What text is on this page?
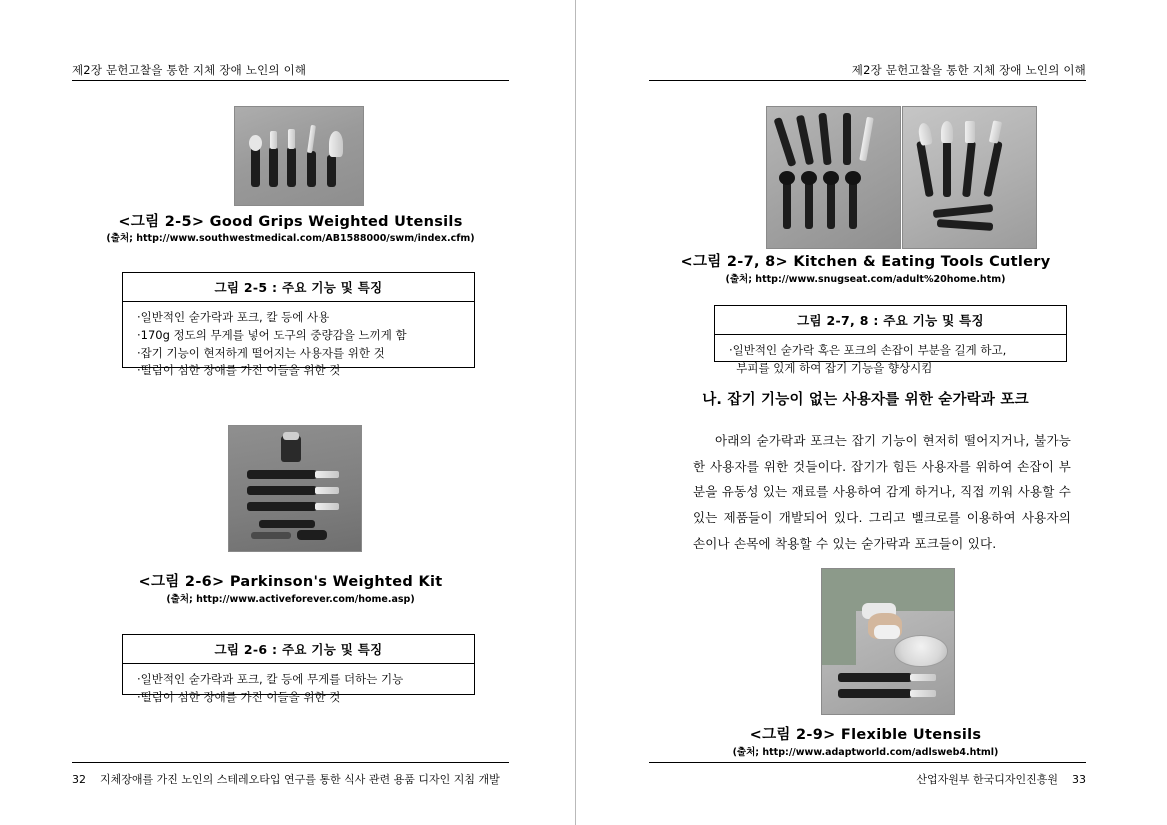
제2장 문헌고찰을 통한 지체 장애 노인의 이해
<그림 2-5> Good Grips Weighted Utensils
(출처; http://www.southwestmedical.com/AB1588000/swm/index.cfm)
그림 2-5 : 주요 기능 및 특징
·일반적인 숟가락과 포크, 칼 등에 사용
·170g 정도의 무게를 넣어 도구의 중량감을 느끼게 함
·잡기 기능이 현저하게 떨어지는 사용자를 위한 것
·떨림이 심한 장애를 가진 이들을 위한 것
<그림 2-6> Parkinson's Weighted Kit
(출처; http://www.activeforever.com/home.asp)
그림 2-6 : 주요 기능 및 특징
·일반적인 숟가락과 포크, 칼 등에 무게를 더하는 기능
·떨림이 심한 장애를 가진 이들을 위한 것
32 지체장애를 가진 노인의 스테레오타입 연구를 통한 식사 관련 용품 디자인 지침 개발
제2장 문헌고찰을 통한 지체 장애 노인의 이해
<그림 2-7, 8> Kitchen & Eating Tools Cutlery
(출처; http://www.snugseat.com/adult%20home.htm)
그림 2-7, 8 : 주요 기능 및 특징
·일반적인 숟가락 혹은 포크의 손잡이 부분을 길게 하고,
부피를 있게 하여 잡기 기능을 향상시킴
나. 잡기 기능이 없는 사용자를 위한 숟가락과 포크
아래의 숟가락과 포크는 잡기 기능이 현저히 떨어지거나, 불가능한 사용자를 위한 것들이다. 잡기가 힘든 사용자를 위하여 손잡이 부분을 유동성 있는 재료를 사용하여 감게 하거나, 직접 끼워 사용할 수 있는 제품들이 개발되어 있다. 그리고 벨크로를 이용하여 사용자의 손이나 손목에 착용할 수 있는 숟가락과 포크들이 있다.
<그림 2-9> Flexible Utensils
(출처; http://www.adaptworld.com/adlsweb4.html)
산업자원부 한국디자인진흥원 33
